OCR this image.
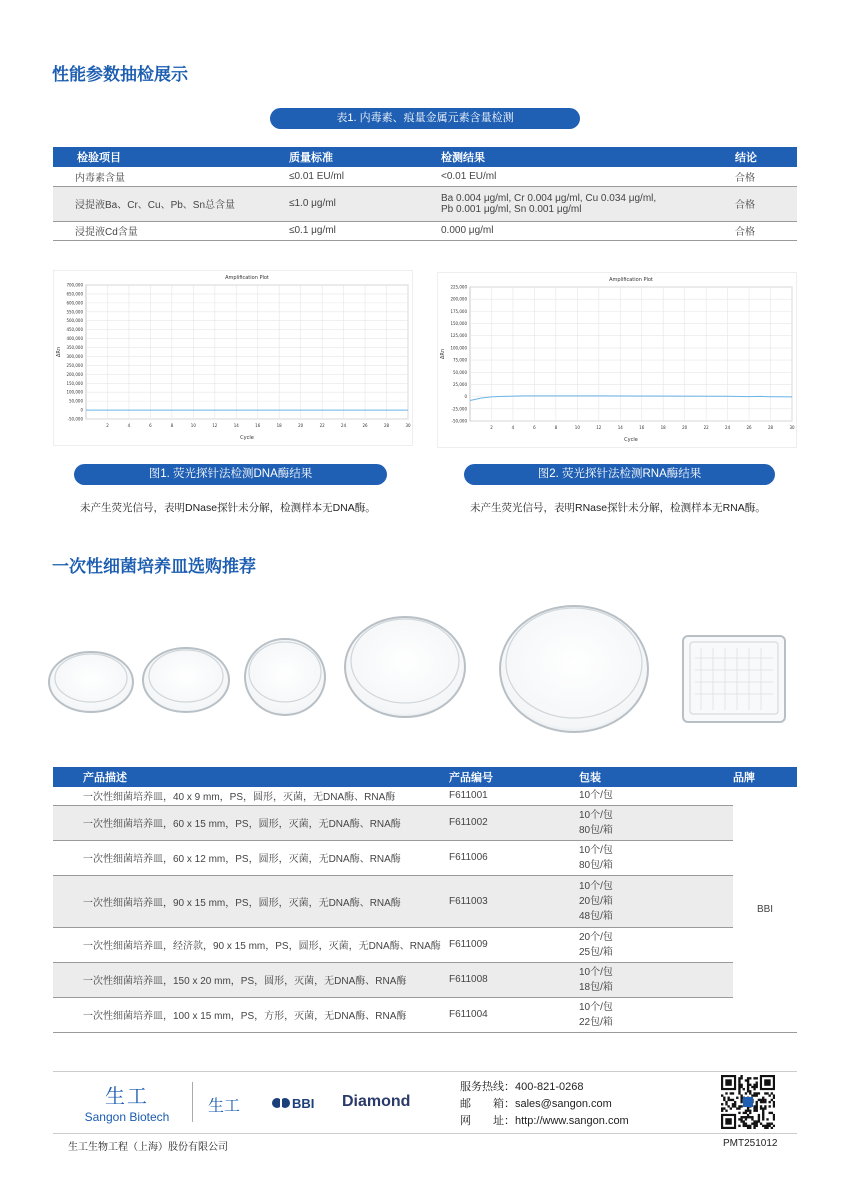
性能参数抽检展示
表1. 内毒素、痕量金属元素含量检测
检验项目	质量标准	检测结果	结论
内毒素含量	≤0.01 EU/ml	<0.01 EU/ml	合格
浸提液Ba、Cr、Cu、Pb、Sn总含量	≤1.0 μg/ml	Ba 0.004 μg/ml, Cr 0.004 μg/ml, Cu 0.034 μg/ml,
Pb 0.001 μg/ml, Sn 0.001 μg/ml	合格
浸提液Cd含量	≤0.1 μg/ml	0.000 μg/ml	合格
2	4	6	8	10	12	14	16	18	20	22	24	26	28	30
-50,000
0
50,000
100,000
150,000
200,000
250,000
300,000
350,000
400,000
450,000
500,000
550,000
600,000
650,000
700,000
Amplification Plot
Cycle
ΔRn
2	4	6	8	10	12	14	16	18	20	22	24	26	28	30
-50,000
-25,000
0
25,000
50,000
75,000
100,000
125,000
150,000
175,000
200,000
225,000
Amplification Plot
Cycle
ΔRn
图1. 荧光探针法检测DNA酶结果	图2. 荧光探针法检测RNA酶结果
未产生荧光信号，表明DNase探针未分解，检测样本无DNA酶。	未产生荧光信号，表明RNase探针未分解，检测样本无RNA酶。
一次性细菌培养皿选购推荐
产品描述	产品编号	包装	品牌
一次性细菌培养皿，40 x 9 mm，PS，圆形，灭菌，无DNA酶、RNA酶	F611001	10个/包	BBI
一次性细菌培养皿，60 x 15 mm，PS，圆形，灭菌，无DNA酶、RNA酶	F611002	10个/包
80包/箱	

一次性细菌培养皿，60 x 12 mm，PS，圆形，灭菌，无DNA酶、RNA酶	F611006	10个/包
80包/箱	

一次性细菌培养皿，90 x 15 mm，PS，圆形，灭菌，无DNA酶、RNA酶	F611003	10个/包
20包/箱
48包/箱	

一次性细菌培养皿，经济款，90 x 15 mm，PS，圆形，灭菌，无DNA酶、RNA酶	F611009	20个/包
25包/箱	

一次性细菌培养皿，150 x 20 mm，PS，圆形，灭菌，无DNA酶、RNA酶	F611008	10个/包
18包/箱	

一次性细菌培养皿，100 x 15 mm，PS，方形，灭菌，无DNA酶、RNA酶	F611004	10个/包
22包/箱	
生工
Sangon Biotech
生工	BBI Diamond
服务热线：400-821-0268
邮　　箱：sales@sangon.com
网　　址：http://www.sangon.com
生工生物工程（上海）股份有限公司	PMT251012
